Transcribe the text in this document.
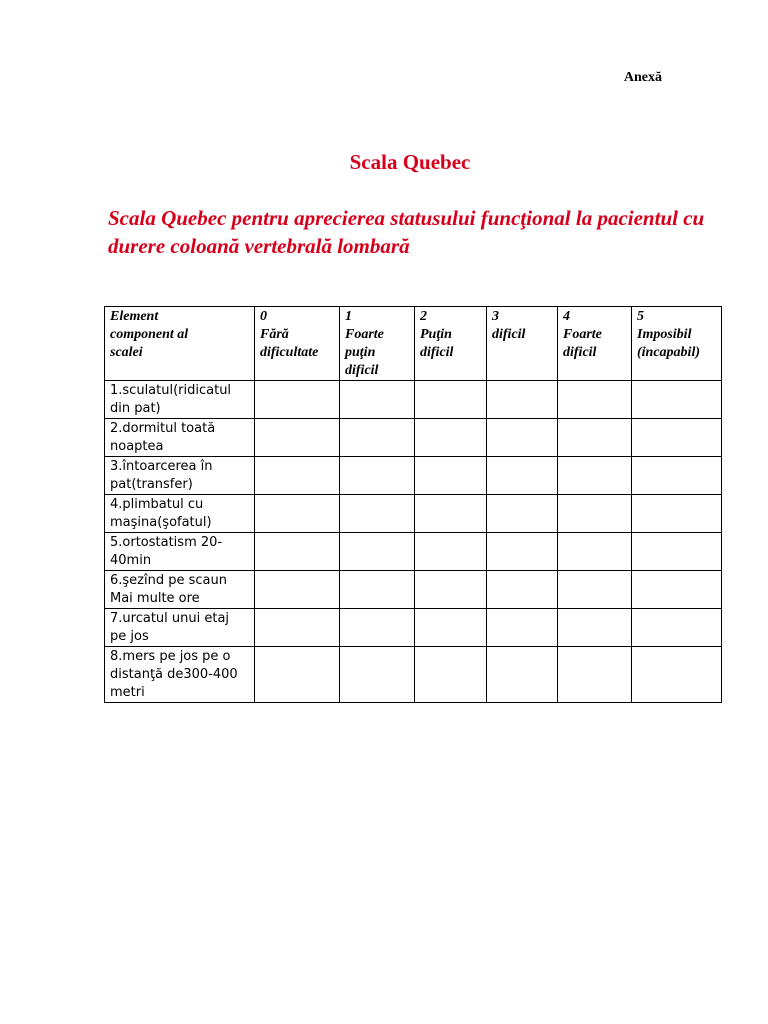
Anexă
Scala Quebec
Scala Quebec pentru aprecierea statusului funcţional la pacientul cu durere coloană vertebrală lombară
Element
component al
scalei	0
Fără
dificultate	1
Foarte
puţin
dificil	2
Puţin
dificil	3
dificil	4
Foarte
dificil	5
Imposibil
(incapabil)
1.sculatul(ridicatul din pat)						
2.dormitul toată noaptea						
3.întoarcerea în pat(transfer)						
4.plimbatul cu maşina(şofatul)						
5.ortostatism 20-40min						
6.şezînd pe scaun Mai multe ore						
7.urcatul unui etaj pe jos						
8.mers pe jos pe o distanţă de300-400 metri						
